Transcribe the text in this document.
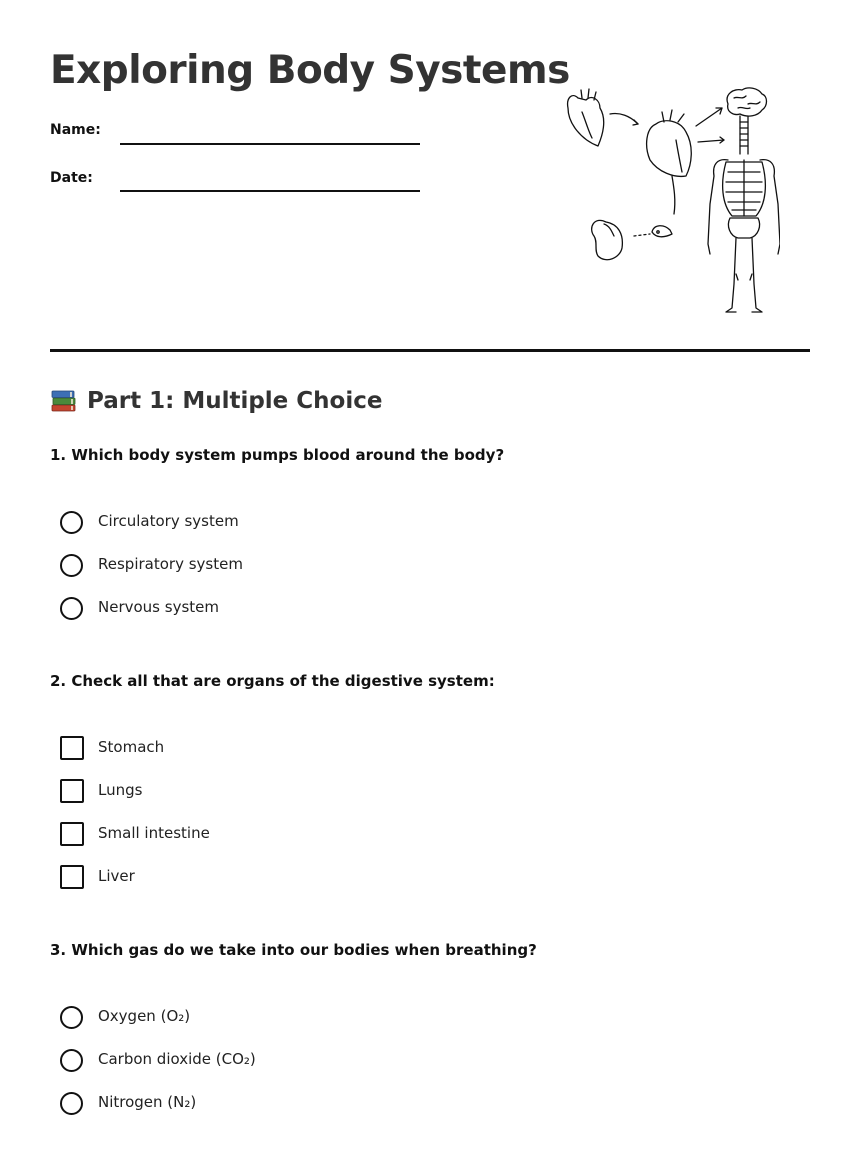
Exploring Body Systems
Name:
Date:
Part 1: Multiple Choice

1. Which body system pumps blood around the body?

Circulatory system
Respiratory system
Nervous system

2. Check all that are organs of the digestive system:

Stomach
Lungs
Small intestine
Liver

3. Which gas do we take into our bodies when breathing?

Oxygen (O₂)
Carbon dioxide (CO₂)
Nitrogen (N₂)
